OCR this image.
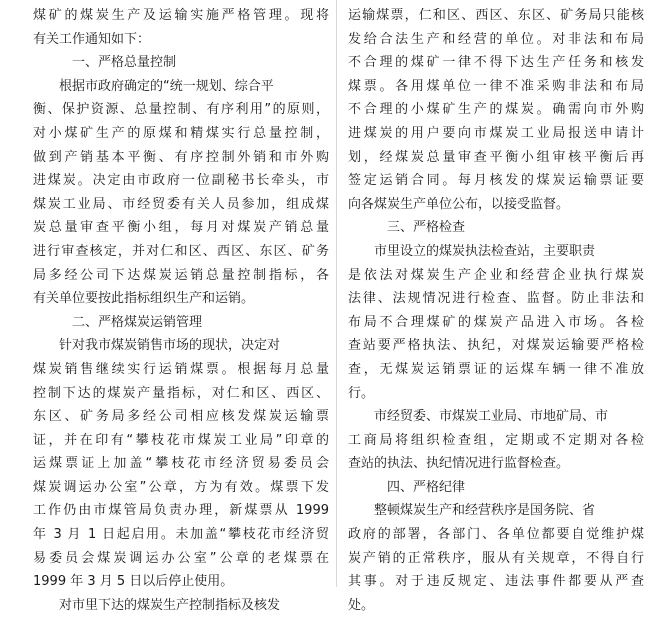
煤矿的煤炭生产及运输实施严格管理。现将
有关工作通知如下：
一、严格总量控制
根据市政府确定的“统一规划、综合平
衡、保护资源、总量控制、有序利用”的原则，
对小煤矿生产的原煤和精煤实行总量控制，
做到产销基本平衡、有序控制外销和市外购
进煤炭。决定由市政府一位副秘书长牵头，市
煤炭工业局、市经贸委有关人员参加，组成煤
炭总量审查平衡小组，每月对煤炭产销总量
进行审查核定，并对仁和区、西区、东区、矿务
局多经公司下达煤炭运销总量控制指标，各
有关单位要按此指标组织生产和运销。
二、严格煤炭运销管理
针对我市煤炭销售市场的现状，决定对
煤炭销售继续实行运销煤票。根据每月总量
控制下达的煤炭产量指标，对仁和区、西区、
东区、矿务局多经公司相应核发煤炭运输票
证，并在印有“攀枝花市煤炭工业局”印章的
运煤票证上加盖“攀枝花市经济贸易委员会
煤炭调运办公室”公章，方为有效。煤票下发
工作仍由市煤管局负责办理，新煤票从 1999
年 3 月 1 日起启用。未加盖“攀枝花市经济贸
易委员会煤炭调运办公室”公章的老煤票在
1999 年 3 月 5 日以后停止使用。
对市里下达的煤炭生产控制指标及核发
运输煤票，仁和区、西区、东区、矿务局只能核
发给合法生产和经营的单位。对非法和布局
不合理的煤矿一律不得下达生产任务和核发
煤票。各用煤单位一律不准采购非法和布局
不合理的小煤矿生产的煤炭。确需向市外购
进煤炭的用户要向市煤炭工业局报送申请计
划，经煤炭总量审查平衡小组审核平衡后再
签定运销合同。每月核发的煤炭运输票证要
向各煤炭生产单位公布，以接受监督。
三、严格检查
市里设立的煤炭执法检查站，主要职责
是依法对煤炭生产企业和经营企业执行煤炭
法律、法规情况进行检查、监督。防止非法和
布局不合理煤矿的煤炭产品进入市场。各检
查站要严格执法、执纪，对煤炭运输要严格检
查，无煤炭运销票证的运煤车辆一律不准放
行。
市经贸委、市煤炭工业局、市地矿局、市
工商局将组织检查组，定期或不定期对各检
查站的执法、执纪情况进行监督检查。
四、严格纪律
整顿煤炭生产和经营秩序是国务院、省
政府的部署，各部门、各单位都要自觉维护煤
炭产销的正常秩序，服从有关规章，不得自行
其事。对于违反规定、违法事件都要从严查
处。
